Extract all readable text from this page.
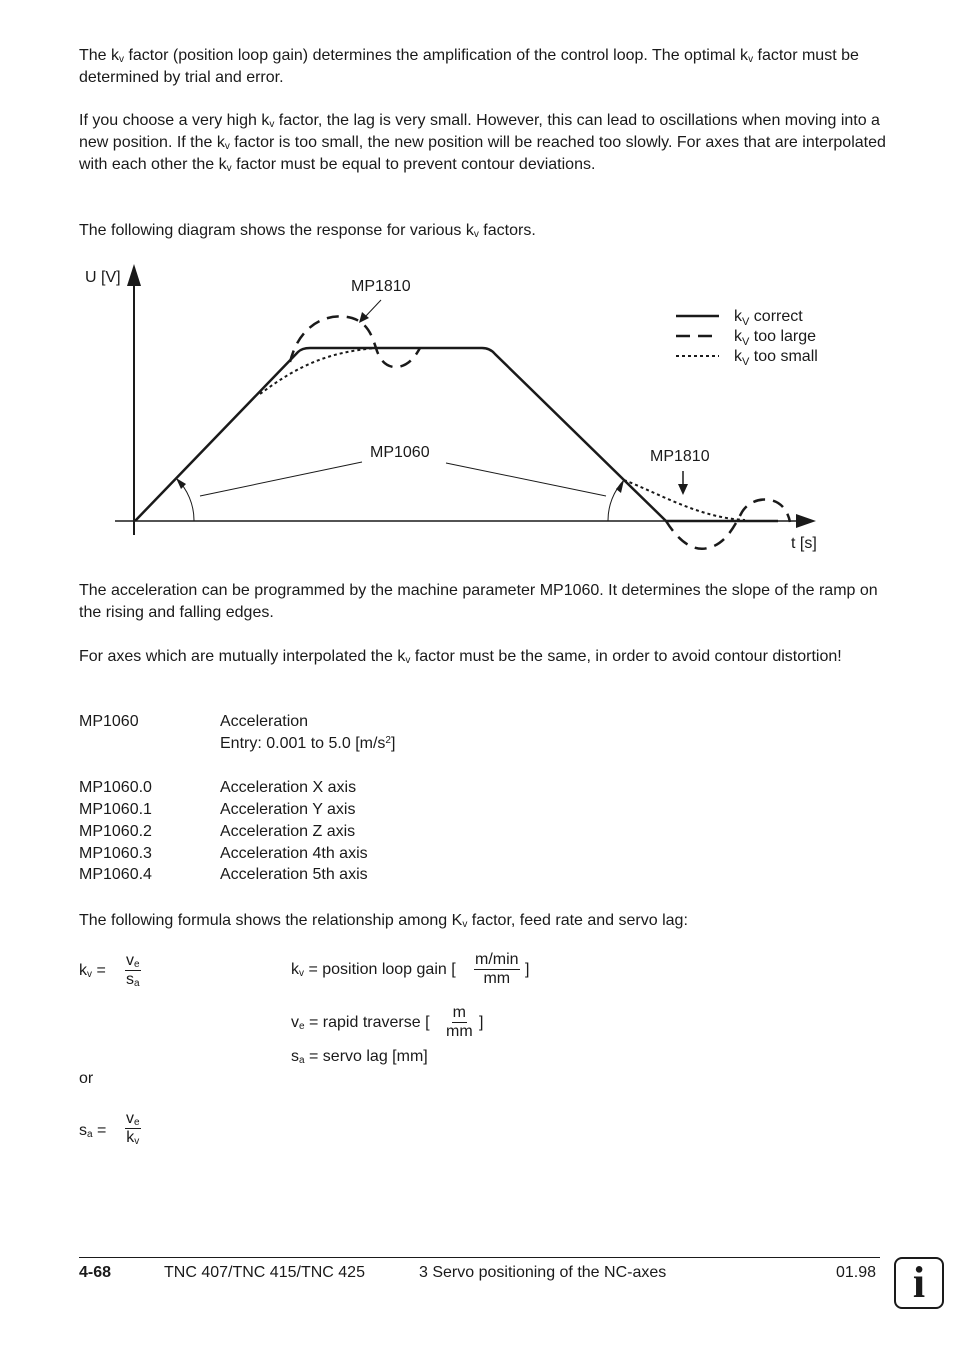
The $k_v$ factor (position loop gain) determines the amplification of the control loop. The optimal $k_v$ factor must be determined by trial and error.
If you choose a very high $k_v$ factor, the lag is very small. However, this can lead to oscillations when moving into a new position. If the $k_v$ factor is too small, the new position will be reached too slowly. For axes that are interpolated with each other the $k_v$ factor must be equal to prevent contour deviations.
The following diagram shows the response for various $k_v$ factors.
U [V]
t [s]
MP1810
MP1060	MP1810
$k_V$ correct
$k_V$ too large
$k_V$ too small
The acceleration can be programmed by the machine parameter MP1060. It determines the slope of the ramp on the rising and falling edges.
For axes which are mutually interpolated the $k_v$ factor must be the same, in order to avoid contour distortion!
MP1060	Acceleration
Entry: 0.001 to 5.0 $[m/s^2]$
MP1060.0	Acceleration X axis
MP1060.1	Acceleration Y axis
MP1060.2	Acceleration Z axis
MP1060.3	Acceleration 4th axis
MP1060.4	Acceleration 5th axis
The following formula shows the relationship among $K_v$ factor, feed rate and servo lag:
$k_v = \frac{v_e}{s_a}$	$k_v$ = position loop gain [
m/min
mm
]
$v_e$ = rapid traverse [ $\frac{m}{mm}$ ]
$s_a$ = servo lag [mm]
or
$s_a = \frac{v_e}{k_v}$
4-68	TNC 407/TNC 415/TNC 425	3 Servo positioning of the NC-axes	01.98 i
